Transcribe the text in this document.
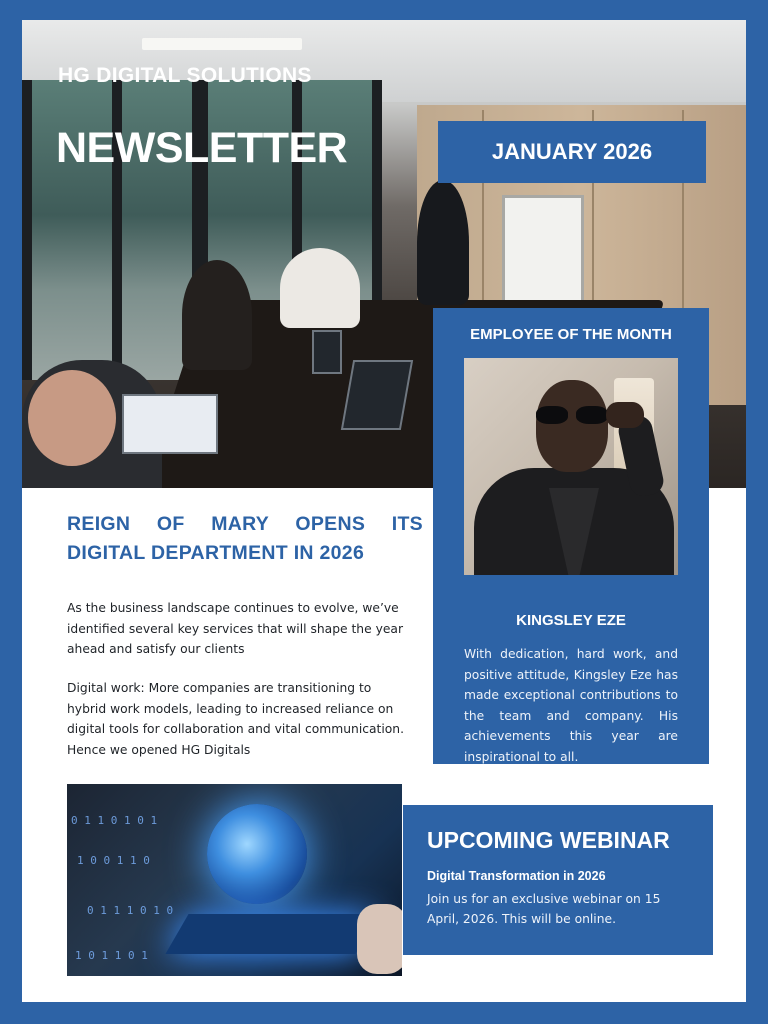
HG DIGITAL SOLUTIONS
NEWSLETTER	JANUARY 2026
EMPLOYEE OF THE MONTH
KINGSLEY EZE
With dedication, hard work, and positive attitude, Kingsley Eze has made exceptional contributions to the team and company. His achievements this year are inspirational to all.
REIGN OF MARY OPENS ITS DIGITAL DEPARTMENT IN 2026
As the business landscape continues to evolve, we’ve identified several key services that will shape the year ahead and satisfy our clients
Digital work: More companies are transitioning to hybrid work models, leading to increased reliance on digital tools for collaboration and vital communication. Hence we opened HG Digitals
0 1 1 0 1 0 1
1 0 0 1 1 0
0 1 1 1 0 1 0
1 0 1 1 0 1
UPCOMING WEBINAR
Digital Transformation in 2026
Join us for an exclusive webinar on 15 April, 2026. This will be online.
